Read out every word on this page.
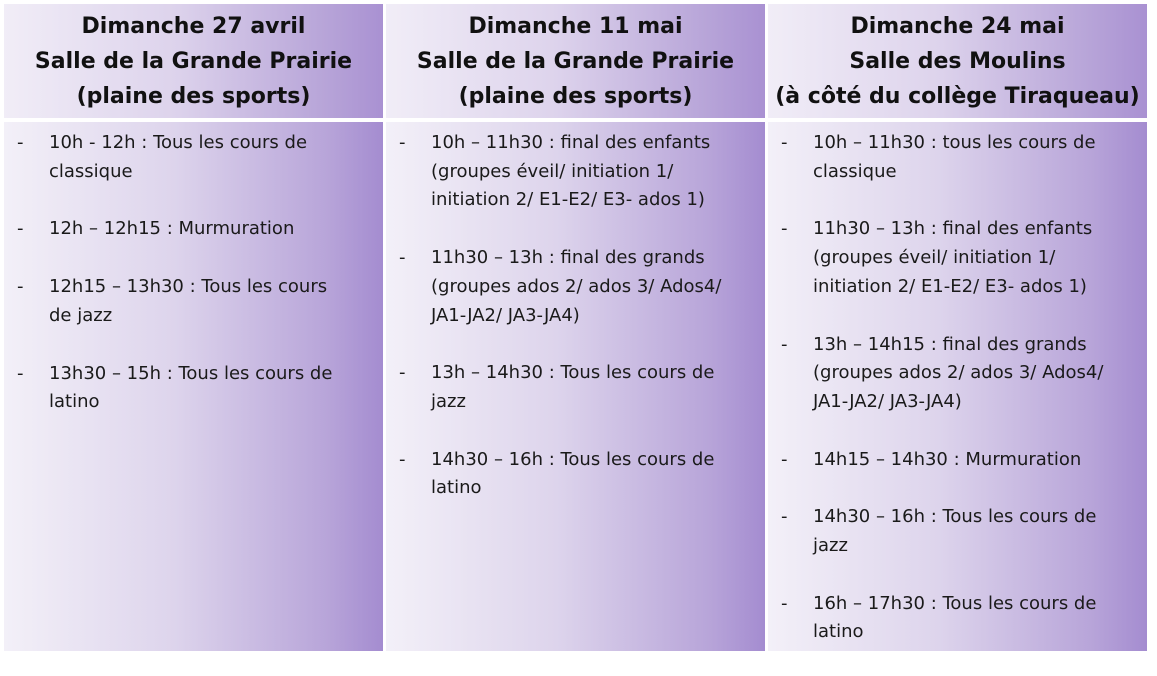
Dimanche 27 avril
Salle de la Grande Prairie
(plaine des sports)
- 10h - 12h : Tous les cours de
classique
- 12h – 12h15 : Murmuration
- 12h15 – 13h30 : Tous les cours
de jazz
- 13h30 – 15h : Tous les cours de
latino
Dimanche 11 mai
Salle de la Grande Prairie
(plaine des sports)
- 10h – 11h30 : final des enfants
(groupes éveil/ initiation 1/
initiation 2/ E1-E2/ E3- ados 1)
- 11h30 – 13h : final des grands
(groupes ados 2/ ados 3/ Ados4/
JA1-JA2/ JA3-JA4)
- 13h – 14h30 : Tous les cours de
jazz
- 14h30 – 16h : Tous les cours de
latino
Dimanche 24 mai
Salle des Moulins
(à côté du collège Tiraqueau)
- 10h – 11h30 : tous les cours de
classique
- 11h30 – 13h : final des enfants
(groupes éveil/ initiation 1/
initiation 2/ E1-E2/ E3- ados 1)
- 13h – 14h15 : final des grands
(groupes ados 2/ ados 3/ Ados4/
JA1-JA2/ JA3-JA4)
- 14h15 – 14h30 : Murmuration
- 14h30 – 16h : Tous les cours de
jazz
- 16h – 17h30 : Tous les cours de
latino
